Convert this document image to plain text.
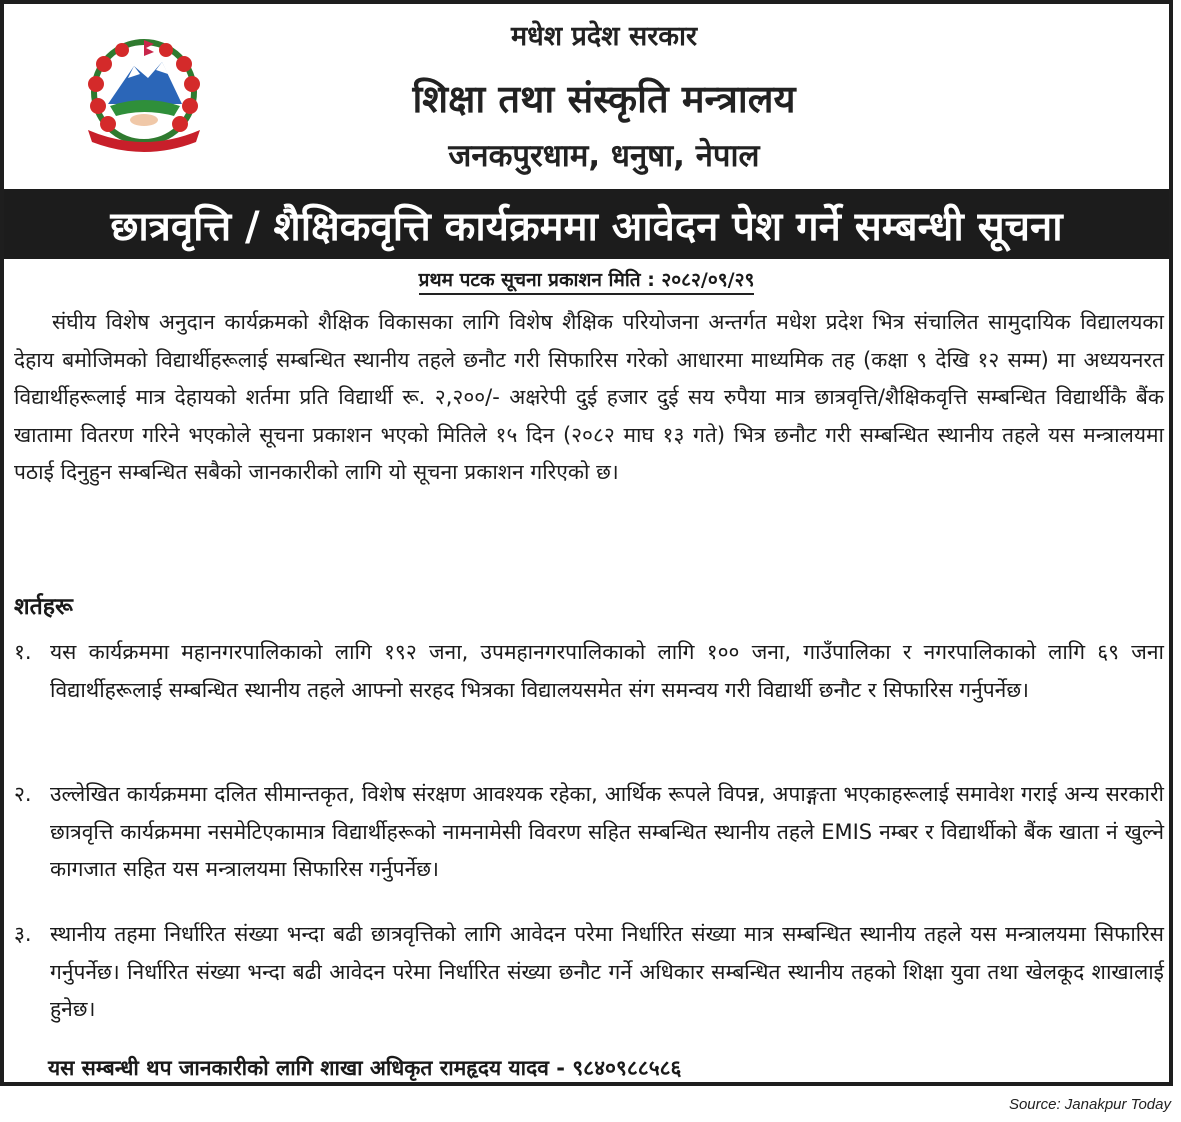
मधेश प्रदेश सरकार
शिक्षा तथा संस्कृति मन्त्रालय
जनकपुरधाम, धनुषा, नेपाल
छात्रवृत्ति / शैक्षिकवृत्ति कार्यक्रममा आवेदन पेश गर्ने सम्बन्धी सूचना
प्रथम पटक सूचना प्रकाशन मिति : २०८२/०९/२९
संघीय विशेष अनुदान कार्यक्रमको शैक्षिक विकासका लागि विशेष शैक्षिक परियोजना अन्तर्गत मधेश प्रदेश भित्र संचालित सामुदायिक विद्यालयका देहाय बमोजिमको विद्यार्थीहरूलाई सम्बन्धित स्थानीय तहले छनौट गरी सिफारिस गरेको आधारमा माध्यमिक तह (कक्षा ९ देखि १२ सम्म) मा अध्ययनरत विद्यार्थीहरूलाई मात्र देहायको शर्तमा प्रति विद्यार्थी रू. २,२००/- अक्षरेपी दुई हजार दुई सय रुपैया मात्र छात्रवृत्ति/शैक्षिकवृत्ति सम्बन्धित विद्यार्थीकै बैंक खातामा वितरण गरिने भएकोले सूचना प्रकाशन भएको मितिले १५ दिन (२०८२ माघ १३ गते) भित्र छनौट गरी सम्बन्धित स्थानीय तहले यस मन्त्रालयमा पठाई दिनुहुन सम्बन्धित सबैको जानकारीको लागि यो सूचना प्रकाशन गरिएको छ।
शर्तहरू
१. यस कार्यक्रममा महानगरपालिकाको लागि १९२ जना, उपमहानगरपालिकाको लागि १०० जना, गाउँपालिका र नगरपालिकाको लागि ६९ जना विद्यार्थीहरूलाई सम्बन्धित स्थानीय तहले आफ्नो सरहद भित्रका विद्यालयसमेत संग समन्वय गरी विद्यार्थी छनौट र सिफारिस गर्नुपर्नेछ।
२. उल्लेखित कार्यक्रममा दलित सीमान्तकृत, विशेष संरक्षण आवश्यक रहेका, आर्थिक रूपले विपन्न, अपाङ्गता भएकाहरूलाई समावेश गराई अन्य सरकारी छात्रवृत्ति कार्यक्रममा नसमेटिएकामात्र विद्यार्थीहरूको नामनामेसी विवरण सहित सम्बन्धित स्थानीय तहले EMIS नम्बर र विद्यार्थीको बैंक खाता नं खुल्ने कागजात सहित यस मन्त्रालयमा सिफारिस गर्नुपर्नेछ।
३. स्थानीय तहमा निर्धारित संख्या भन्दा बढी छात्रवृत्तिको लागि आवेदन परेमा निर्धारित संख्या मात्र सम्बन्धित स्थानीय तहले यस मन्त्रालयमा सिफारिस गर्नुपर्नेछ। निर्धारित संख्या भन्दा बढी आवेदन परेमा निर्धारित संख्या छनौट गर्ने अधिकार सम्बन्धित स्थानीय तहको शिक्षा युवा तथा खेलकूद शाखालाई हुनेछ।
यस सम्बन्धी थप जानकारीको लागि शाखा अधिकृत रामहृदय यादव - ९८४०९८८५८६
Source: Janakpur Today
